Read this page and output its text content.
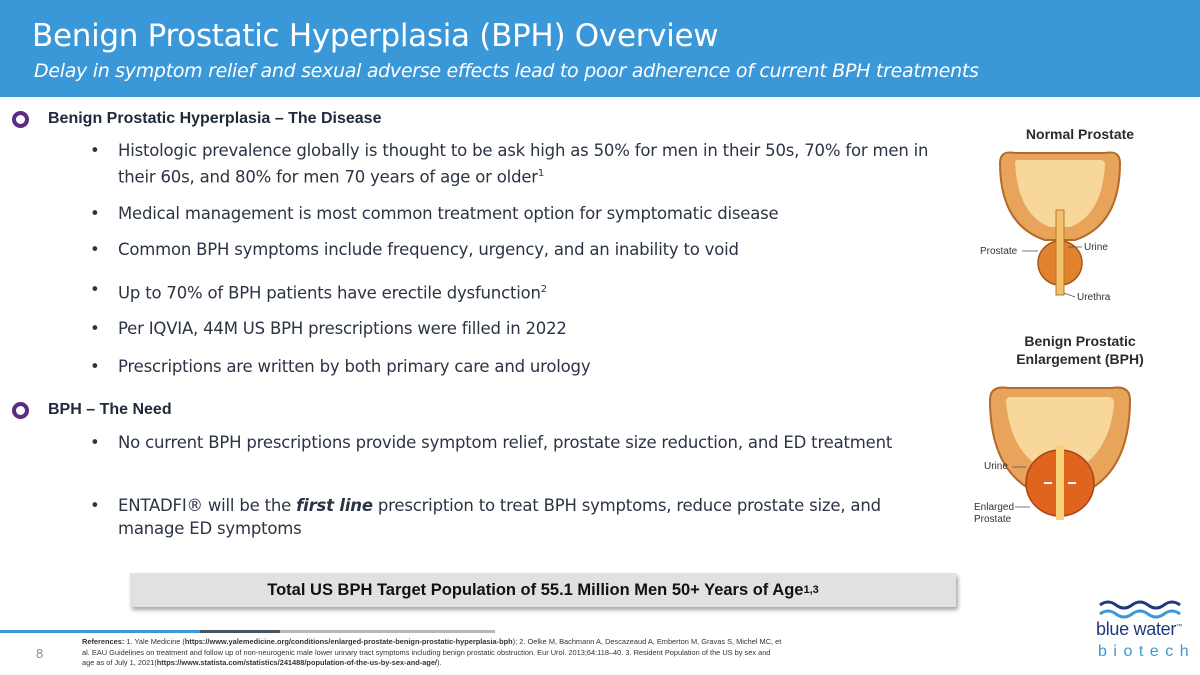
Benign Prostatic Hyperplasia (BPH) Overview
Delay in symptom relief and sexual adverse effects lead to poor adherence of current BPH treatments
Benign Prostatic Hyperplasia – The Disease
• Histologic prevalence globally is thought to be ask high as 50% for men in their 50s, 70% for men in their 60s, and 80% for men 70 years of age or older$^1$
• Medical management is most common treatment option for symptomatic disease
• Common BPH symptoms include frequency, urgency, and an inability to void
• Up to 70% of BPH patients have erectile dysfunction$^2$
• Per IQVIA, 44M US BPH prescriptions were filled in 2022
• Prescriptions are written by both primary care and urology
BPH – The Need
• No current BPH prescriptions provide symptom relief, prostate size reduction, and ED treatment
• ENTADFI® will be the first line prescription to treat BPH symptoms, reduce prostate size, and manage ED symptoms
Normal Prostate
Prostate	Urine
Urethra
Benign Prostatic
Enlargement (BPH)
Urine
Enlarged
Prostate
Total US BPH Target Population of 55.1 Million Men 50+ Years of Age 1,3
8
References: 1. Yale Medicine (https://www.yalemedicine.org/conditions/enlarged-prostate-benign-prostatic-hyperplasia-bph); 2. Oelke M, Bachmann A, Descazeaud A, Emberton M, Gravas S, Michel MC, et al. EAU Guidelines on treatment and follow up of non-neurogenic male lower urinary tract symptoms including benign prostatic obstruction. Eur Urol. 2013;64:118–40. 3. Resident Population of the US by sex and age as of July 1, 2021(https://www.statista.com/statistics/241488/population-of-the-us-by-sex-and-age/).
blue water™
biotech
